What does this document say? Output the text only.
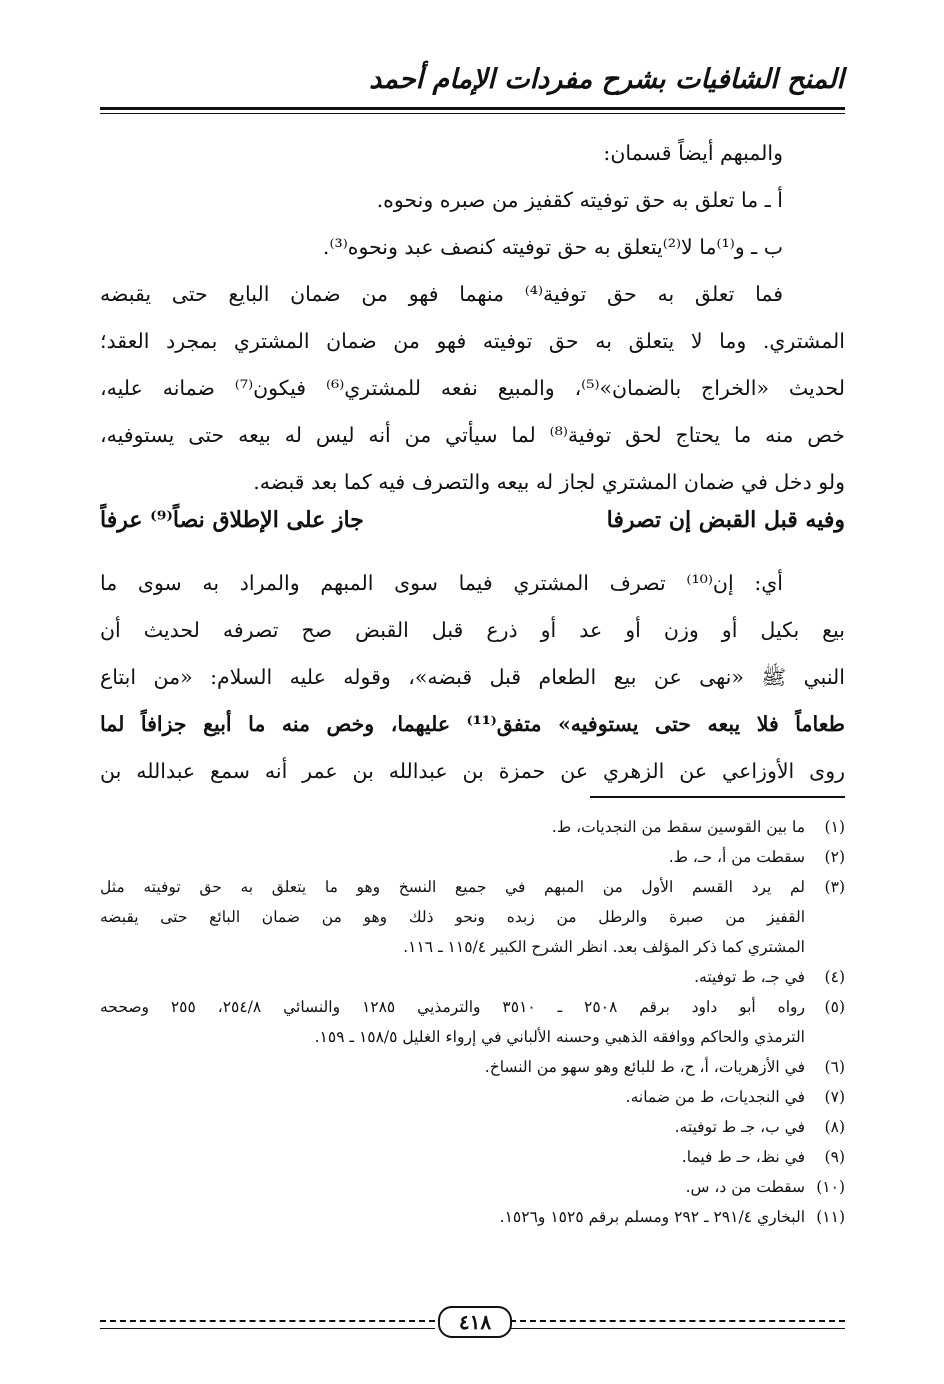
المنح الشافيات بشرح مفردات الإمام أحمد
والمبهم أيضاً قسمان:
أ ـ ما تعلق به حق توفيته كقفيز من صبره ونحوه.
ب ـ و⁽¹⁾ما لا⁽²⁾يتعلق به حق توفيته كنصف عبد ونحوه⁽³⁾.
فما تعلق به حق توفية⁽⁴⁾ منهما فهو من ضمان البايع حتى يقبضه
المشتري. وما لا يتعلق به حق توفيته فهو من ضمان المشتري بمجرد العقد؛
لحديث «الخراج بالضمان»⁽⁵⁾، والمبيع نفعه للمشتري⁽⁶⁾ فيكون⁽⁷⁾ ضمانه عليه،
خص منه ما يحتاج لحق توفية⁽⁸⁾ لما سيأتي من أنه ليس له بيعه حتى يستوفيه،
ولو دخل في ضمان المشتري لجاز له بيعه والتصرف فيه كما بعد قبضه.
وفيه قبل القبض إن تصرفا
جاز على الإطلاق نصاً⁽⁹⁾ عرفاً
أي: إن⁽¹⁰⁾ تصرف المشتري فيما سوى المبهم والمراد به سوى ما
بيع بكيل أو وزن أو عد أو ذرع قبل القبض صح تصرفه لحديث أن
النبي ﷺ «نهى عن بيع الطعام قبل قبضه»، وقوله عليه السلام: «من ابتاع
طعاماً فلا يبعه حتى يستوفيه» متفق⁽¹¹⁾ عليهما، وخص منه ما أبيع جزافاً لما
روى الأوزاعي عن الزهري عن حمزة بن عبدالله بن عمر أنه سمع عبدالله بن
(١)
ما بين القوسين سقط من النجديات، ط.
(٢)
سقطت من أ، حـ، ط.
(٣)
لم يرد القسم الأول من المبهم في جميع النسخ وهو ما يتعلق به حق توفيته مثل
القفيز من صبرة والرطل من زبده ونحو ذلك وهو من ضمان البائع حتى يقبضه
المشتري كما ذكر المؤلف بعد. انظر الشرح الكبير ١١٥/٤ ـ ١١٦.
(٤)
في جـ، ط توفيته.
(٥)
رواه أبو داود برقم ٢٥٠٨ ـ ٣٥١٠ والترمذيي ١٢٨٥ والنسائي ٢٥٤/٨، ٢٥٥ وصححه
الترمذي والحاكم ووافقه الذهبي وحسنه الألباني في إرواء الغليل ١٥٨/٥ ـ ١٥٩.
(٦)
في الأزهريات، أ، ح، ط للبائع وهو سهو من النساخ.
(٧)
في النجديات، ط من ضمانه.
(٨)
في ب، جـ ط توفيته.
(٩)
في نظ، حـ ط فيما.
(١٠)
سقطت من د، س.
(١١)
البخاري ٢٩١/٤ ـ ٢٩٢ ومسلم برقم ١٥٢٥ و١٥٢٦.
٤١٨
